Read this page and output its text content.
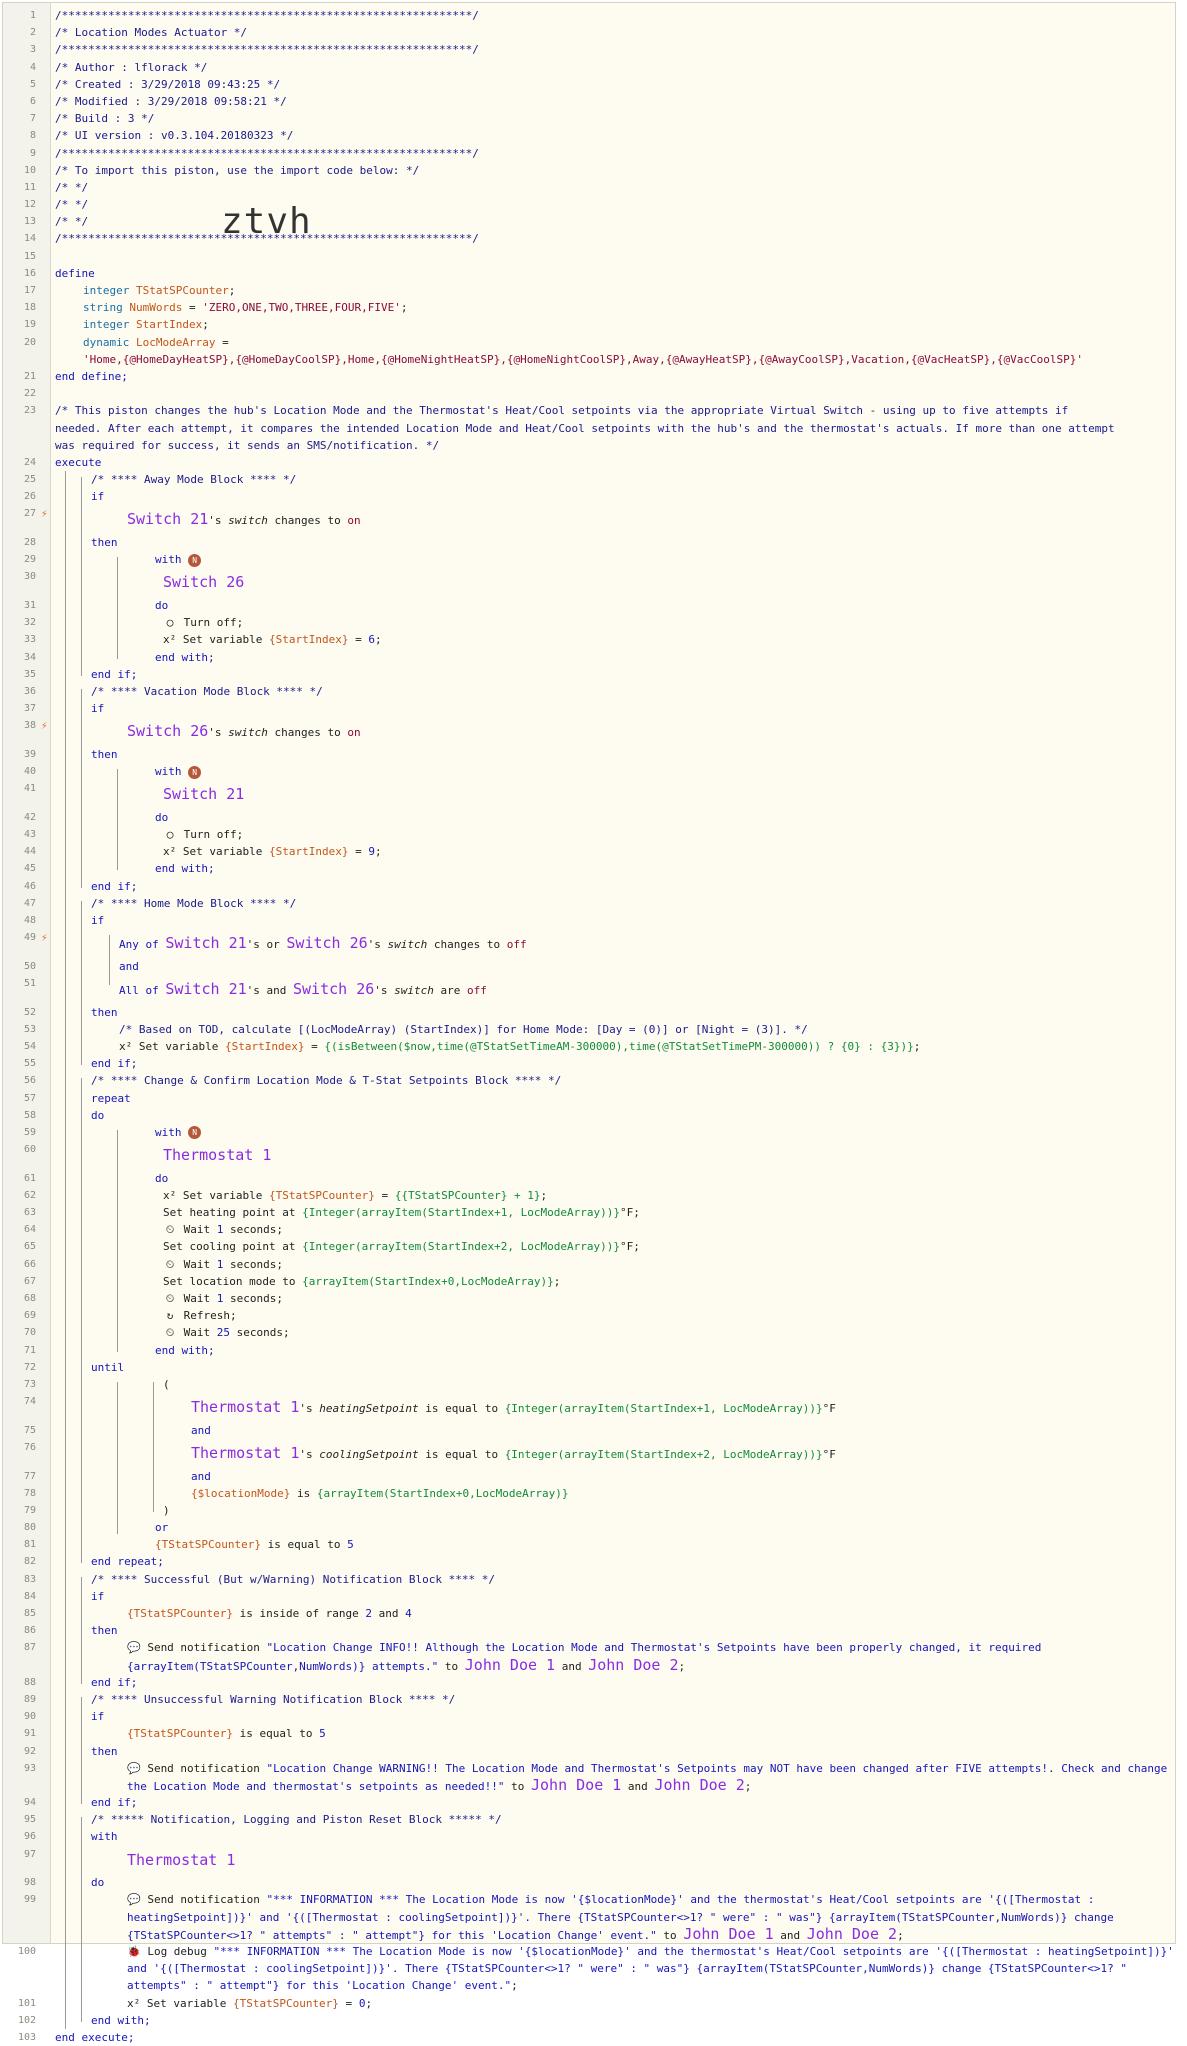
1 /**************************************************************/
2 /* Location Modes Actuator */
3 /**************************************************************/
4 /* Author : lflorack */
5 /* Created : 3/29/2018 09:43:25 */
6 /* Modified : 3/29/2018 09:58:21 */
7 /* Build : 3 */
8 /* UI version : v0.3.104.20180323 */
9 /**************************************************************/
10 /* To import this piston, use the import code below: */
11 /* */
12 /* */
13 /* */
14 /**************************************************************/
15
16 define
17	integer TStatSPCounter;
18	string NumWords = 'ZERO,ONE,TWO,THREE,FOUR,FIVE';
19	integer StartIndex;
20	dynamic LocModeArray =
'Home,{@HomeDayHeatSP},{@HomeDayCoolSP},Home,{@HomeNightHeatSP},{@HomeNightCoolSP},Away,{@AwayHeatSP},{@AwayCoolSP},Vacation,{@VacHeatSP},{@VacCoolSP}'
21 end define;
22
23 /* This piston changes the hub's Location Mode and the Thermostat's Heat/Cool setpoints via the appropriate Virtual Switch - using up to five attempts if needed. After each attempt, it compares the intended Location Mode and Heat/Cool setpoints with the hub's and the thermostat's actuals. If more than one attempt was required for success, it sends an SMS/notification. */
24 execute
25	/* **** Away Mode Block **** */
26	if
27 ⚡	Switch 21's switch changes to on
28	then
29	with N
30	Switch 26
31	do
32	◯ Turn off;
33	x² Set variable {StartIndex} = 6;
34	end with;
35	end if;
36	/* **** Vacation Mode Block **** */
37	if
38 ⚡	Switch 26's switch changes to on
39	then
40	with N
41	Switch 21
42	do
43	◯ Turn off;
44	x² Set variable {StartIndex} = 9;
45	end with;
46	end if;
47	/* **** Home Mode Block **** */
48	if
49 ⚡
Any of Switch 21's or Switch 26's switch changes to off
50	and
51
All of Switch 21's and Switch 26's switch are off
52	then
53	/* Based on TOD, calculate [(LocModeArray) (StartIndex)] for Home Mode: [Day = (0)] or [Night = (3)]. */
54	x² Set variable {StartIndex} = {(isBetween($now,time(@TStatSetTimeAM-300000),time(@TStatSetTimePM-300000)) ? {0} : {3})};
55	end if;
56	/* **** Change & Confirm Location Mode & T-Stat Setpoints Block **** */
57	repeat
58	do
59	with N
60	Thermostat 1
61	do
62	x² Set variable {TStatSPCounter} = {{TStatSPCounter} + 1};
63	Set heating point at {Integer(arrayItem(StartIndex+1, LocModeArray))}°F;
64	⏲ Wait 1 seconds;
65	Set cooling point at {Integer(arrayItem(StartIndex+2, LocModeArray))}°F;
66	⏲ Wait 1 seconds;
67	Set location mode to {arrayItem(StartIndex+0,LocModeArray)};
68	⏲ Wait 1 seconds;
69	↻ Refresh;
70	⏲ Wait 25 seconds;
71	end with;
72	until
73	(
74	Thermostat 1's heatingSetpoint is equal to {Integer(arrayItem(StartIndex+1, LocModeArray))}°F
75	and
76	Thermostat 1's coolingSetpoint is equal to {Integer(arrayItem(StartIndex+2, LocModeArray))}°F
77	and
78	{$locationMode} is {arrayItem(StartIndex+0,LocModeArray)}
79	)
80	or
81	{TStatSPCounter} is equal to 5
82	end repeat;
83	/* **** Successful (But w/Warning) Notification Block **** */
84	if
85	{TStatSPCounter} is inside of range 2 and 4
86	then
87	💬 Send notification "Location Change INFO!! Although the Location Mode and Thermostat's Setpoints have been properly changed, it required {arrayItem(TStatSPCounter,NumWords)} attempts." to John Doe 1 and John Doe 2;
88	end if;
89	/* **** Unsuccessful Warning Notification Block **** */
90	if
91	{TStatSPCounter} is equal to 5
92	then
93	💬 Send notification "Location Change WARNING!! The Location Mode and Thermostat's Setpoints may NOT have been changed after FIVE attempts!. Check and change the Location Mode and thermostat's setpoints as needed!!" to John Doe 1 and John Doe 2;
94	end if;
95	/* ***** Notification, Logging and Piston Reset Block ***** */
96	with
97	Thermostat 1
98	do
99	💬 Send notification "*** INFORMATION *** The Location Mode is now '{$locationMode}' and the thermostat's Heat/Cool setpoints are '{([Thermostat : heatingSetpoint])}' and '{([Thermostat : coolingSetpoint])}'. There {TStatSPCounter<>1? " were" : " was"} {arrayItem(TStatSPCounter,NumWords)} change {TStatSPCounter<>1? " attempts" : " attempt"} for this 'Location Change' event." to John Doe 1 and John Doe 2;
100	🐞 Log debug "*** INFORMATION *** The Location Mode is now '{$locationMode}' and the thermostat's Heat/Cool setpoints are '{([Thermostat : heatingSetpoint])}' and '{([Thermostat : coolingSetpoint])}'. There {TStatSPCounter<>1? " were" : " was"} {arrayItem(TStatSPCounter,NumWords)} change {TStatSPCounter<>1? " attempts" : " attempt"} for this 'Location Change' event.";
101	x² Set variable {TStatSPCounter} = 0;
102	end with;
103 end execute;
ztvh
